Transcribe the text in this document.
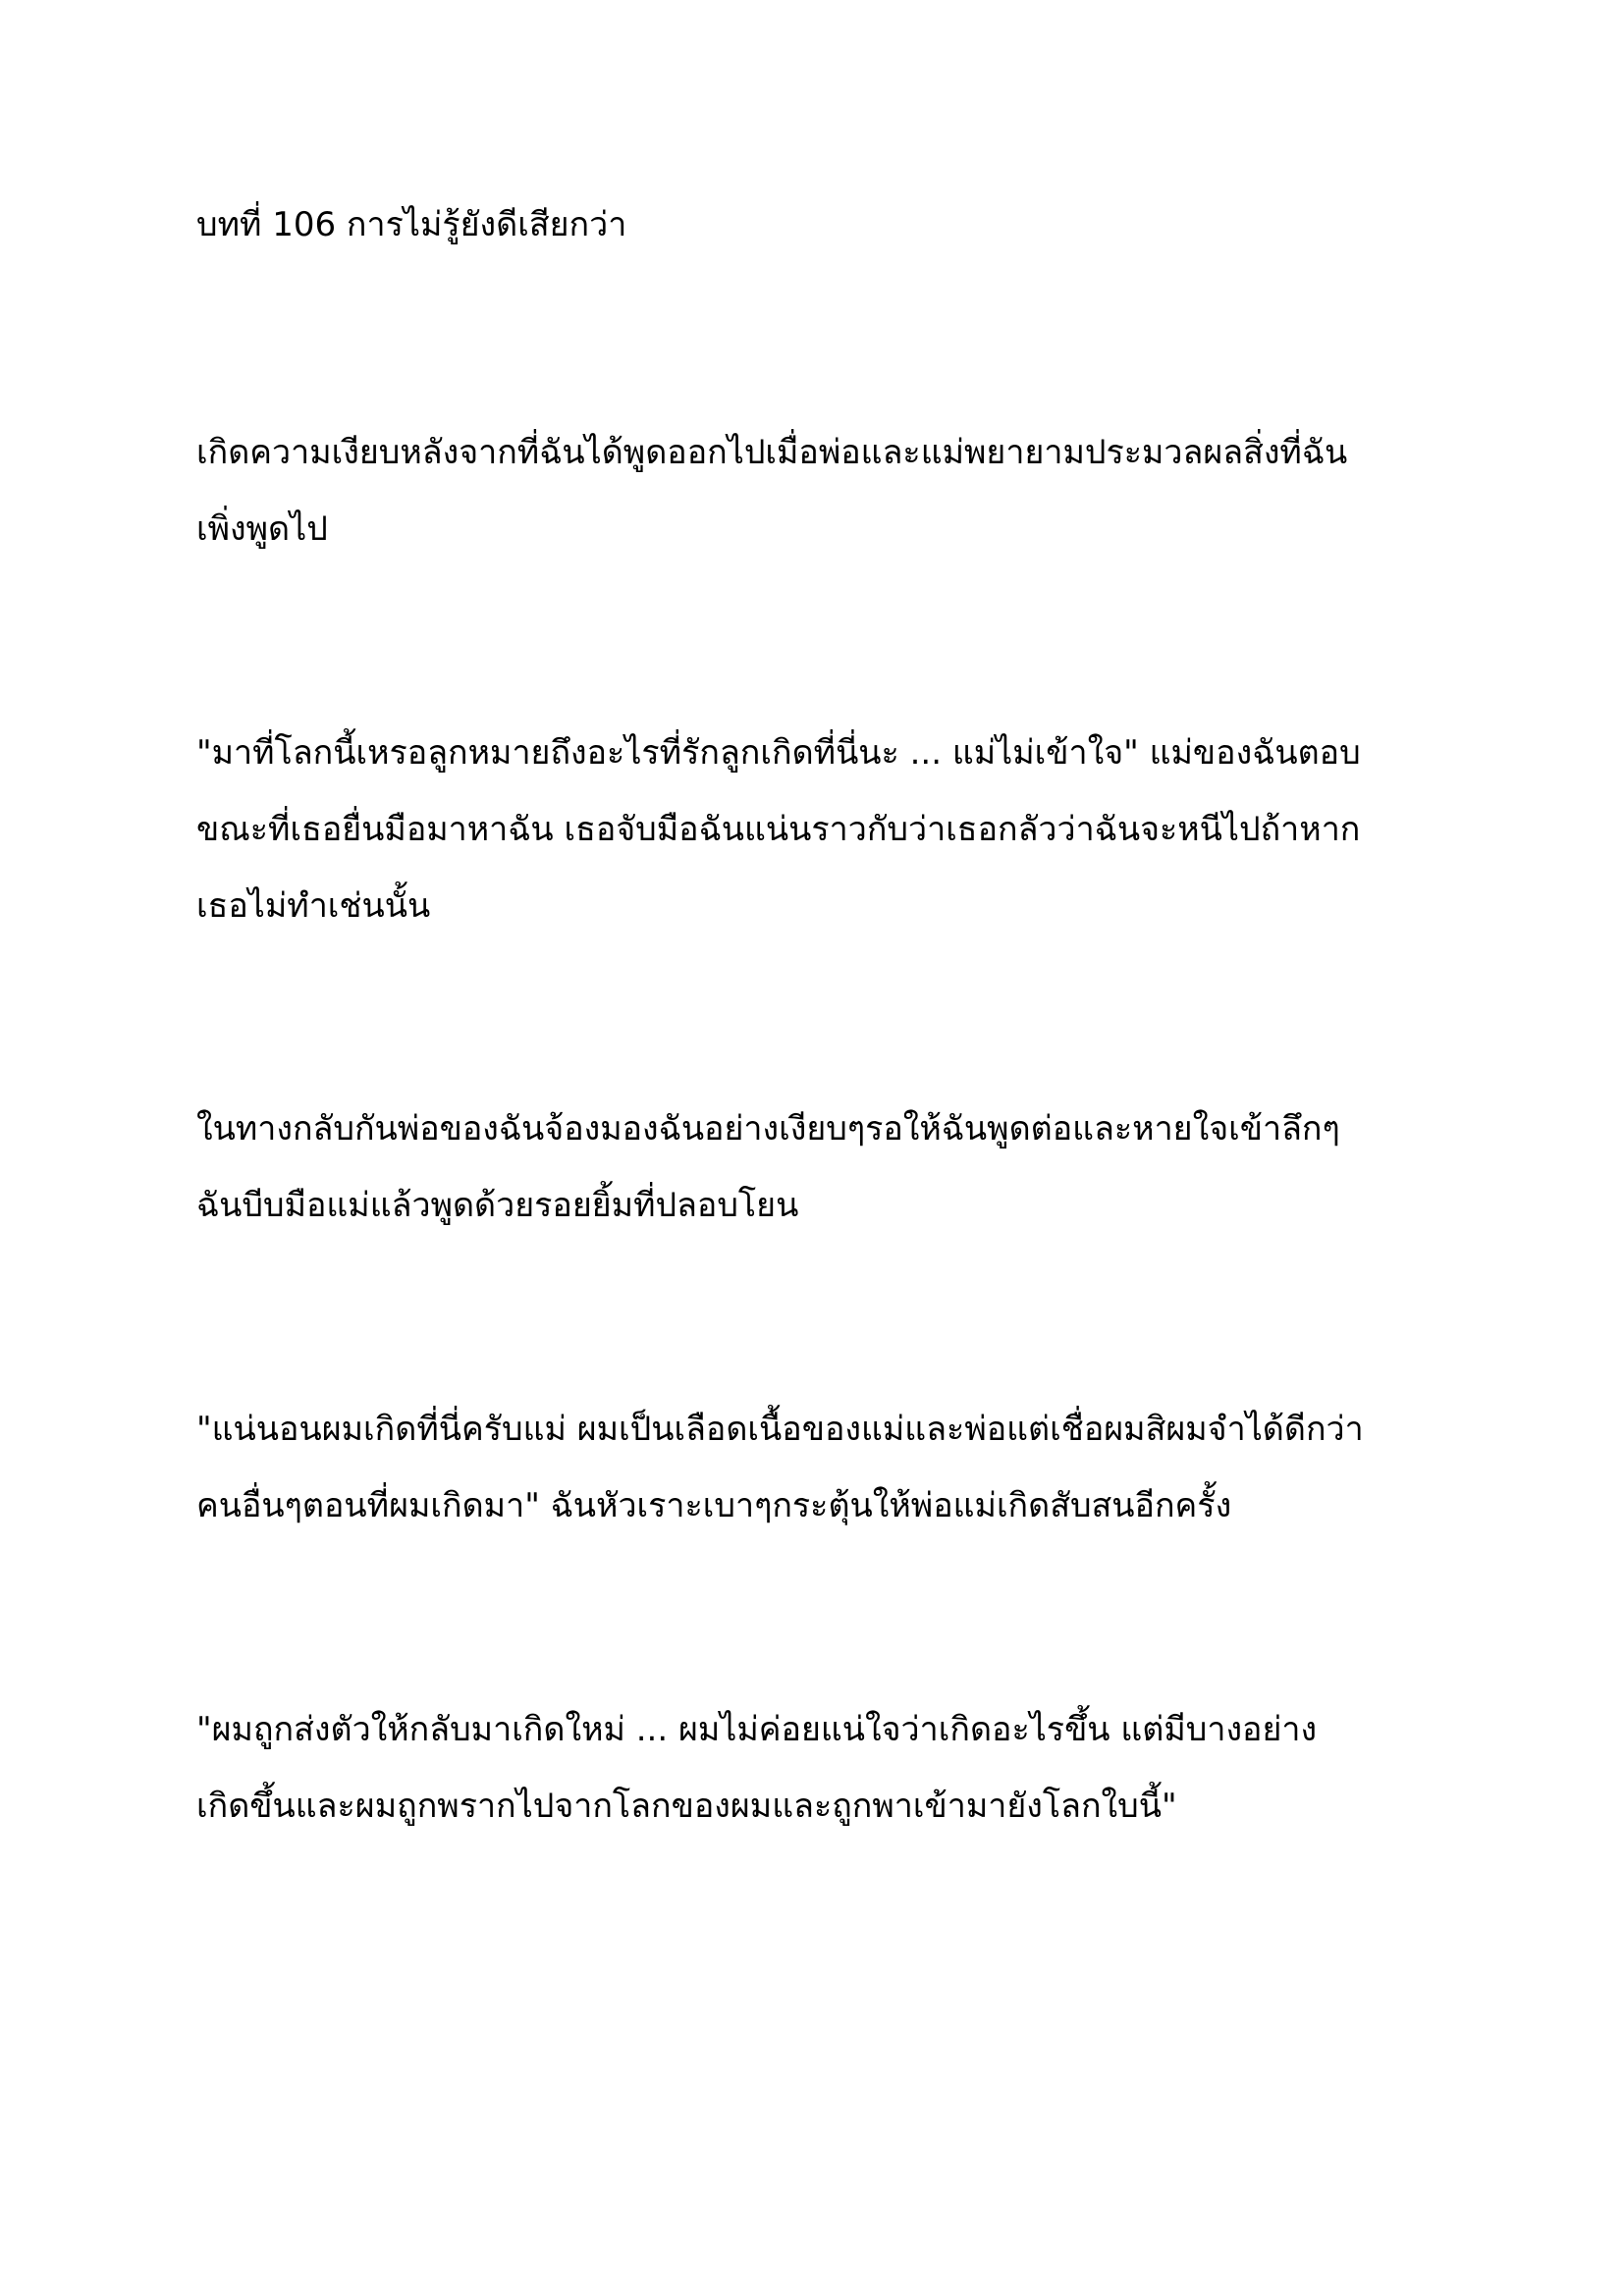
บทที่ 106 การไม่รู้ยังดีเสียกว่า

เกิดความเงียบหลังจากที่ฉันได้พูดออกไปเมื่อพ่อและแม่พยายามประมวลผลสิ่งที่ฉัน
เพิ่งพูดไป

"มาที่โลกนี้เหรอลูกหมายถึงอะไรที่รักลูกเกิดที่นี่นะ ... แม่ไม่เข้าใจ" แม่ของฉันตอบ
ขณะที่เธอยื่นมือมาหาฉัน เธอจับมือฉันแน่นราวกับว่าเธอกลัวว่าฉันจะหนีไปถ้าหาก
เธอไม่ทำเช่นนั้น

ในทางกลับกันพ่อของฉันจ้องมองฉันอย่างเงียบๆรอให้ฉันพูดต่อและหายใจเข้าลึกๆ
ฉันบีบมือแม่แล้วพูดด้วยรอยยิ้มที่ปลอบโยน

"แน่นอนผมเกิดที่นี่ครับแม่ ผมเป็นเลือดเนื้อของแม่และพ่อแต่เชื่อผมสิผมจำได้ดีกว่า
คนอื่นๆตอนที่ผมเกิดมา" ฉันหัวเราะเบาๆกระตุ้นให้พ่อแม่เกิดสับสนอีกครั้ง

"ผมถูกส่งตัวให้กลับมาเกิดใหม่ ... ผมไม่ค่อยแน่ใจว่าเกิดอะไรขึ้น แต่มีบางอย่าง
เกิดขึ้นและผมถูกพรากไปจากโลกของผมและถูกพาเข้ามายังโลกใบนี้"
